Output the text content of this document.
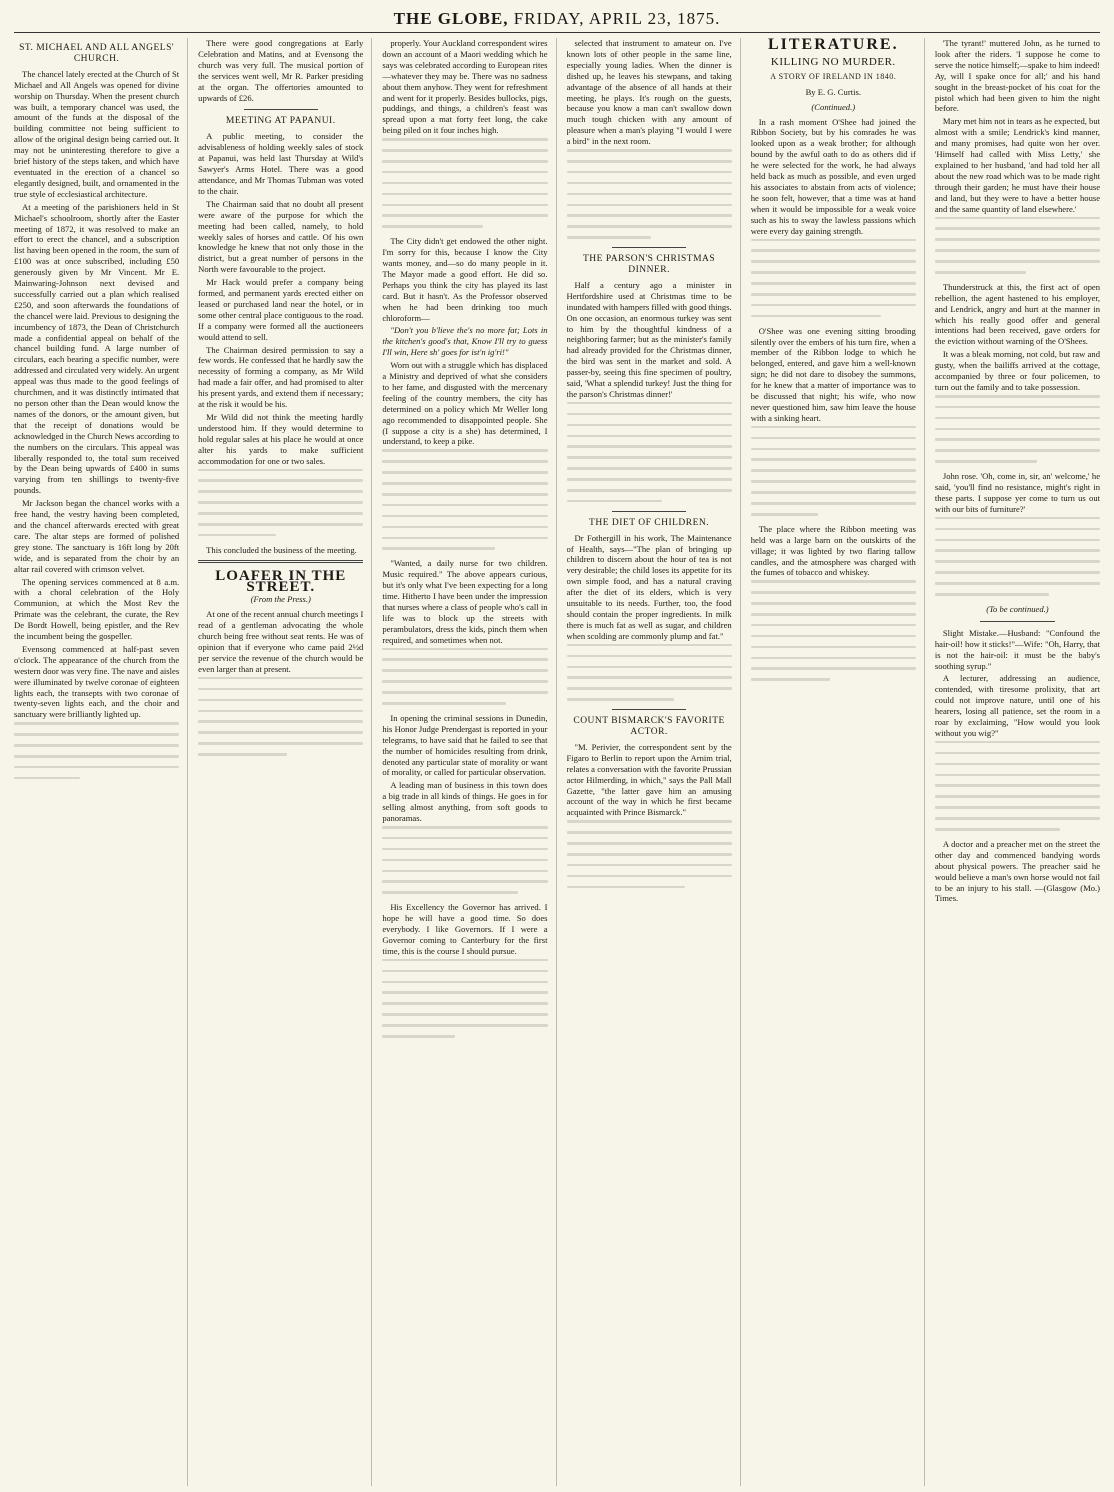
THE GLOBE, FRIDAY, APRIL 23, 1875.
ST. MICHAEL AND ALL ANGELS' CHURCH.

The chancel lately erected at the Church of St Michael and All Angels was opened for divine worship on Thursday. When the present church was built, a temporary chancel was used, the amount of the funds at the disposal of the building committee not being sufficient to allow of the original design being carried out. It may not be uninteresting therefore to give a brief history of the steps taken, and which have eventuated in the erection of a chancel so elegantly designed, built, and ornamented in the true style of ecclesiastical architecture.

At a meeting of the parishioners held in St Michael's schoolroom, shortly after the Easter meeting of 1872, it was resolved to make an effort to erect the chancel, and a subscription list having been opened in the room, the sum of £100 was at once subscribed, including £50 generously given by Mr Vincent. Mr E. Mainwaring-Johnson next devised and successfully carried out a plan which realised £250, and soon afterwards the foundations of the chancel were laid. Previous to designing the incumbency of 1873, the Dean of Christchurch made a confidential appeal on behalf of the chancel building fund. A large number of circulars, each bearing a specific number, were addressed and circulated very widely. An urgent appeal was thus made to the good feelings of churchmen, and it was distinctly intimated that no person other than the Dean would know the names of the donors, or the amount given, but that the receipt of donations would be acknowledged in the Church News according to the numbers on the circulars. This appeal was liberally responded to, the total sum received by the Dean being upwards of £400 in sums varying from ten shillings to twenty-five pounds.

Mr Jackson began the chancel works with a free hand, the vestry having been completed, and the chancel afterwards erected with great care. The altar steps are formed of polished grey stone. The sanctuary is 16ft long by 20ft wide, and is separated from the choir by an altar rail covered with crimson velvet.

The opening services commenced at 8 a.m. with a choral celebration of the Holy Communion, at which the Most Rev the Primate was the celebrant, the curate, the Rev De Bordt Howell, being epistler, and the Rev the incumbent being the gospeller.

Evensong commenced at half-past seven o'clock. The appearance of the church from the western door was very fine. The nave and aisles were illuminated by twelve coronae of eighteen lights each, the transepts with two coronae of twenty-seven lights each, and the choir and sanctuary were brilliantly lighted up.

There were good congregations at Early Celebration and Matins, and at Evensong the church was very full. The musical portion of the services went well, Mr R. Parker presiding at the organ. The offertories amounted to upwards of £26.

MEETING AT PAPANUI.

A public meeting, to consider the advisableness of holding weekly sales of stock at Papanui, was held last Thursday at Wild's Sawyer's Arms Hotel. There was a good attendance, and Mr Thomas Tubman was voted to the chair.

The Chairman said that no doubt all present were aware of the purpose for which the meeting had been called, namely, to hold weekly sales of horses and cattle. Of his own knowledge he knew that not only those in the district, but a great number of persons in the North were favourable to the project.

Mr Hack would prefer a company being formed, and permanent yards erected either on leased or purchased land near the hotel, or in some other central place contiguous to the road. If a company were formed all the auctioneers would attend to sell.

The Chairman desired permission to say a few words. He confessed that he hardly saw the necessity of forming a company, as Mr Wild had made a fair offer, and had promised to alter his present yards, and extend them if necessary; at the risk it would be his.

Mr Wild did not think the meeting hardly understood him. If they would determine to hold regular sales at his place he would at once alter his yards to make sufficient accommodation for one or two sales.

This concluded the business of the meeting.

LOAFER IN THE STREET.
(From the Press.)

At one of the recent annual church meetings I read of a gentleman advocating the whole church being free without seat rents. He was of opinion that if everyone who came paid 2½d per service the revenue of the church would be even larger than at present.

properly. Your Auckland correspondent wires down an account of a Maori wedding which he says was celebrated according to European rites—whatever they may be. There was no sadness about them anyhow. They went for refreshment and went for it properly. Besides bullocks, pigs, puddings, and things, a children's feast was spread upon a mat forty feet long, the cake being piled on it four inches high.

The City didn't get endowed the other night. I'm sorry for this, because I know the City wants money, and—so do many people in it. The Mayor made a good effort. He did so. Perhaps you think the city has played its last card. But it hasn't. As the Professor observed when he had been drinking too much chloroform—

"Don't you b'lieve the's no more fat; Lots in the kitchen's good's that, Know I'll try to guess I'll win, Here sh' goes for ist'n ig'ri!"

Worn out with a struggle which has displaced a Ministry and deprived of what she considers to her fame, and disgusted with the mercenary feeling of the country members, the city has determined on a policy which Mr Weller long ago recommended to disappointed people. She (I suppose a city is a she) has determined, I understand, to keep a pike.

"Wanted, a daily nurse for two children. Music required." The above appears curious, but it's only what I've been expecting for a long time. Hitherto I have been under the impression that nurses where a class of people who's call in life was to block up the streets with perambulators, dress the kids, pinch them when required, and sometimes when not.

In opening the criminal sessions in Dunedin, his Honor Judge Prendergast is reported in your telegrams, to have said that he failed to see that the number of homicides resulting from drink, denoted any particular state of morality or want of morality, or called for particular observation.

A leading man of business in this town does a big trade in all kinds of things. He goes in for selling almost anything, from soft goods to panoramas.

His Excellency the Governor has arrived. I hope he will have a good time. So does everybody. I like Governors. If I were a Governor coming to Canterbury for the first time, this is the course I should pursue.

selected that instrument to amateur on. I've known lots of other people in the same line, especially young ladies. When the dinner is dished up, he leaves his stewpans, and taking advantage of the absence of all hands at their meeting, he plays. It's rough on the guests, because you know a man can't swallow down much tough chicken with any amount of pleasure when a man's playing "I would I were a bird" in the next room.

THE PARSON'S CHRISTMAS DINNER.

Half a century ago a minister in Hertfordshire used at Christmas time to be inundated with hampers filled with good things. On one occasion, an enormous turkey was sent to him by the thoughtful kindness of a neighboring farmer; but as the minister's family had already provided for the Christmas dinner, the bird was sent in the market and sold. A passer-by, seeing this fine specimen of poultry, said, 'What a splendid turkey! Just the thing for the parson's Christmas dinner!'

THE DIET OF CHILDREN.

Dr Fothergill in his work, The Maintenance of Health, says—"The plan of bringing up children to discern about the hour of tea is not very desirable; the child loses its appetite for its own simple food, and has a natural craving after the diet of its elders, which is very unsuitable to its needs. Further, too, the food should contain the proper ingredients. In milk there is much fat as well as sugar, and children when scolding are commonly plump and fat."

COUNT BISMARCK'S FAVORITE ACTOR.

"M. Perivier, the correspondent sent by the Figaro to Berlin to report upon the Arnim trial, relates a conversation with the favorite Prussian actor Hilmerding, in which," says the Pall Mall Gazette, "the latter gave him an amusing account of the way in which he first became acquainted with Prince Bismarck."

LITERATURE.
KILLING NO MURDER.
A STORY OF IRELAND IN 1840.
By E. G. Curtis.
(Continued.)

In a rash moment O'Shee had joined the Ribbon Society, but by his comrades he was looked upon as a weak brother; for although bound by the awful oath to do as others did if he were selected for the work, he had always held back as much as possible, and even urged his associates to abstain from acts of violence; he soon felt, however, that a time was at hand when it would be impossible for a weak voice such as his to sway the lawless passions which were every day gaining strength.

O'Shee was one evening sitting brooding silently over the embers of his turn fire, when a member of the Ribbon lodge to which he belonged, entered, and gave him a well-known sign; he did not dare to disobey the summons, for he knew that a matter of importance was to be discussed that night; his wife, who now never questioned him, saw him leave the house with a sinking heart.

The place where the Ribbon meeting was held was a large barn on the outskirts of the village; it was lighted by two flaring tallow candles, and the atmosphere was charged with the fumes of tobacco and whiskey.

'The tyrant!' muttered John, as he turned to look after the riders. 'I suppose he come to serve the notice himself;—spake to him indeed! Ay, will I spake once for all;' and his hand sought in the breast-pocket of his coat for the pistol which had been given to him the night before.

Mary met him not in tears as he expected, but almost with a smile; Lendrick's kind manner, and many promises, had quite won her over. 'Himself had called with Miss Letty,' she explained to her husband, 'and had told her all about the new road which was to be made right through their garden; he must have their house and land, but they were to have a better house and the same quantity of land elsewhere.'

Thunderstruck at this, the first act of open rebellion, the agent hastened to his employer, and Lendrick, angry and hurt at the manner in which his really good offer and general intentions had been received, gave orders for the eviction without warning of the O'Shees.

It was a bleak morning, not cold, but raw and gusty, when the bailiffs arrived at the cottage, accompanied by three or four policemen, to turn out the family and to take possession.

John rose. 'Oh, come in, sir, an' welcome,' he said, 'you'll find no resistance, might's right in these parts. I suppose yer come to turn us out with our bits of furniture?'

(To be continued.)

Slight Mistake.—Husband: "Confound the hair-oil! how it sticks!"—Wife: "Oh, Harry, that is not the hair-oil: it must be the baby's soothing syrup."

A lecturer, addressing an audience, contended, with tiresome prolixity, that art could not improve nature, until one of his hearers, losing all patience, set the room in a roar by exclaiming, "How would you look without you wig?"

A doctor and a preacher met on the street the other day and commenced bandying words about physical powers. The preacher said he would believe a man's own horse would not fail to be an injury to his stall. —(Glasgow (Mo.) Times.
